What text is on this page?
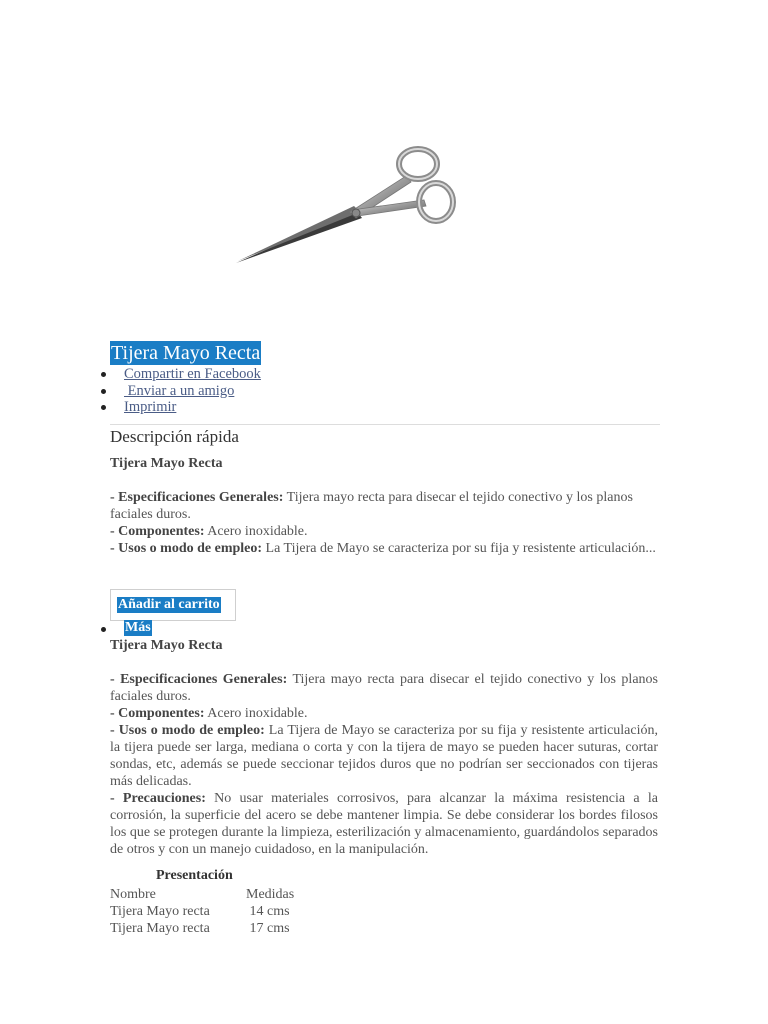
Tijera Mayo Recta
Compartir en Facebook
Enviar a un amigo
Imprimir
Descripción rápida

Tijera Mayo Recta

- Especificaciones Generales: Tijera mayo recta para disecar el tejido conectivo y los planos faciales duros.

- Componentes: Acero inoxidable.

- Usos o modo de empleo: La Tijera de Mayo se caracteriza por su fija y resistente articulación...

Añadir al carrito
Más

Tijera Mayo Recta

- Especificaciones Generales: Tijera mayo recta para disecar el tejido conectivo y los planos faciales duros.

- Componentes: Acero inoxidable.

- Usos o modo de empleo: La Tijera de Mayo se caracteriza por su fija y resistente articulación, la tijera puede ser larga, mediana o corta y con la tijera de mayo se pueden hacer suturas, cortar sondas, etc, además se puede seccionar tejidos duros que no podrían ser seccionados con tijeras más delicadas.

- Precauciones: No usar materiales corrosivos, para alcanzar la máxima resistencia a la corrosión, la superficie del acero se debe mantener limpia. Se debe considerar los bordes filosos los que se protegen durante la limpieza, esterilización y almacenamiento, guardándolos separados de otros y con un manejo cuidadoso, en la manipulación.

Presentación
Nombre	Medidas
Tijera Mayo recta	14 cms
Tijera Mayo recta	17 cms
